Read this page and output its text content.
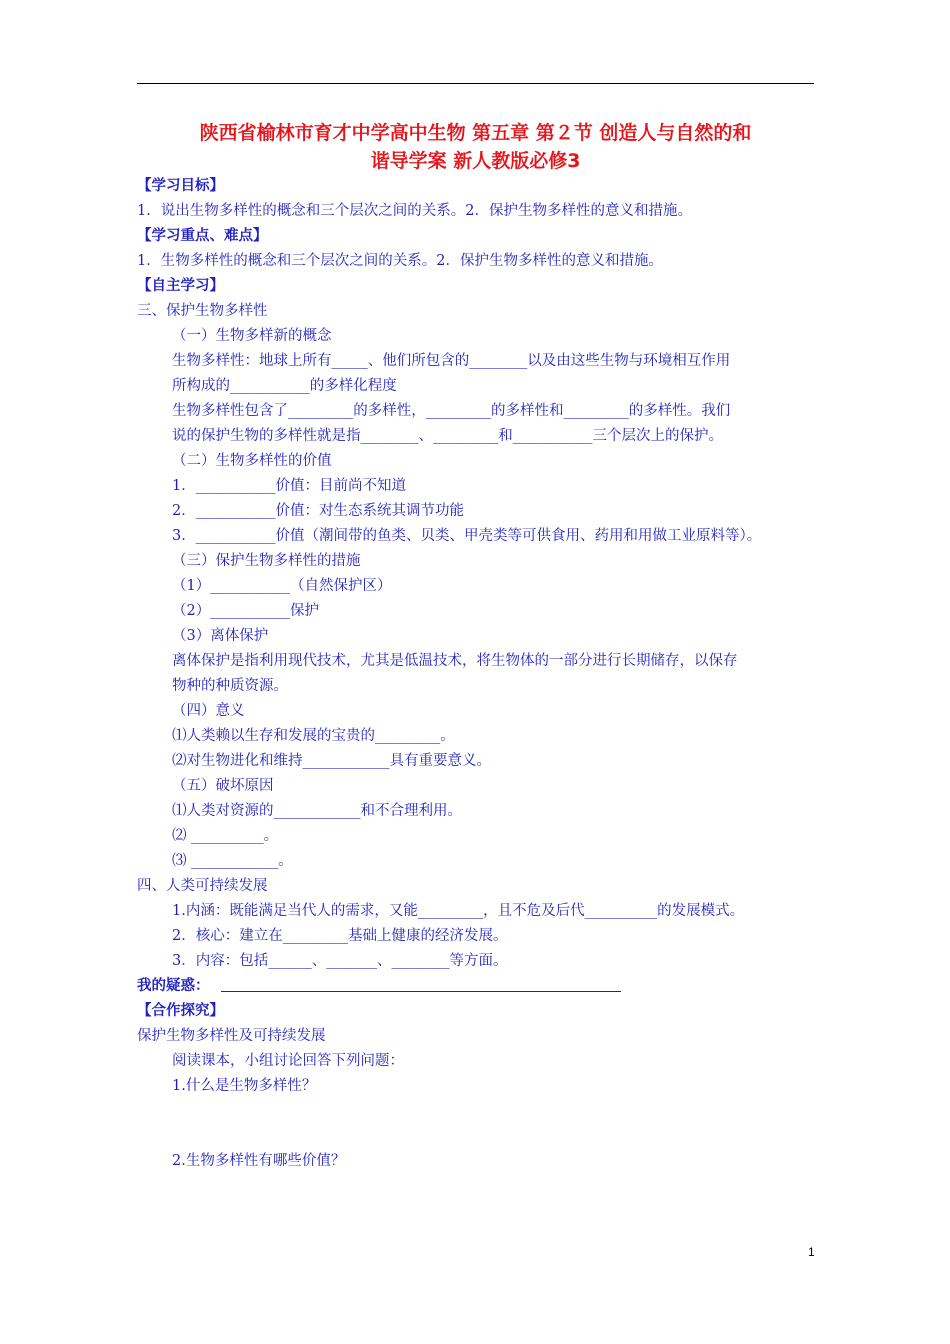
陕西省榆林市育才中学高中生物 第五章 第２节 创造人与自然的和
谐导学案 新人教版必修3
【学习目标】
1．说出生物多样性的概念和三个层次之间的关系。2．保护生物多样性的意义和措施。
【学习重点、难点】
1．生物多样性的概念和三个层次之间的关系。2．保护生物多样性的意义和措施。
【自主学习】
三、保护生物多样性
（一）生物多样新的概念
生物多样性：地球上所有_____、他们所包含的________以及由这些生物与环境相互作用
所构成的___________的多样化程度
生物多样性包含了_________的多样性，_________的多样性和_________的多样性。我们
说的保护生物的多样性就是指________、_________和___________三个层次上的保护。
（二）生物多样性的价值
1．___________价值：目前尚不知道
2．___________价值：对生态系统其调节功能
3．___________价值（潮间带的鱼类、贝类、甲壳类等可供食用、药用和用做工业原料等）。
（三）保护生物多样性的措施
（1）___________（自然保护区）
（2）___________保护
（3）离体保护
离体保护是指利用现代技术，尤其是低温技术，将生物体的一部分进行长期储存，以保存
物种的种质资源。
（四）意义
⑴人类赖以生存和发展的宝贵的_________。
⑵对生物进化和维持____________具有重要意义。
（五）破坏原因
⑴人类对资源的____________和不合理利用。
⑵ __________。
⑶ ____________。
四、人类可持续发展
1.内涵：既能满足当代人的需求，又能_________，且不危及后代__________的发展模式。
2．核心：建立在_________基础上健康的经济发展。
3．内容：包括______、_______、________等方面。
我的疑惑：
【合作探究】
保护生物多样性及可持续发展
阅读课本，小组讨论回答下列问题：
1.什么是生物多样性？
2.生物多样性有哪些价值？
1
